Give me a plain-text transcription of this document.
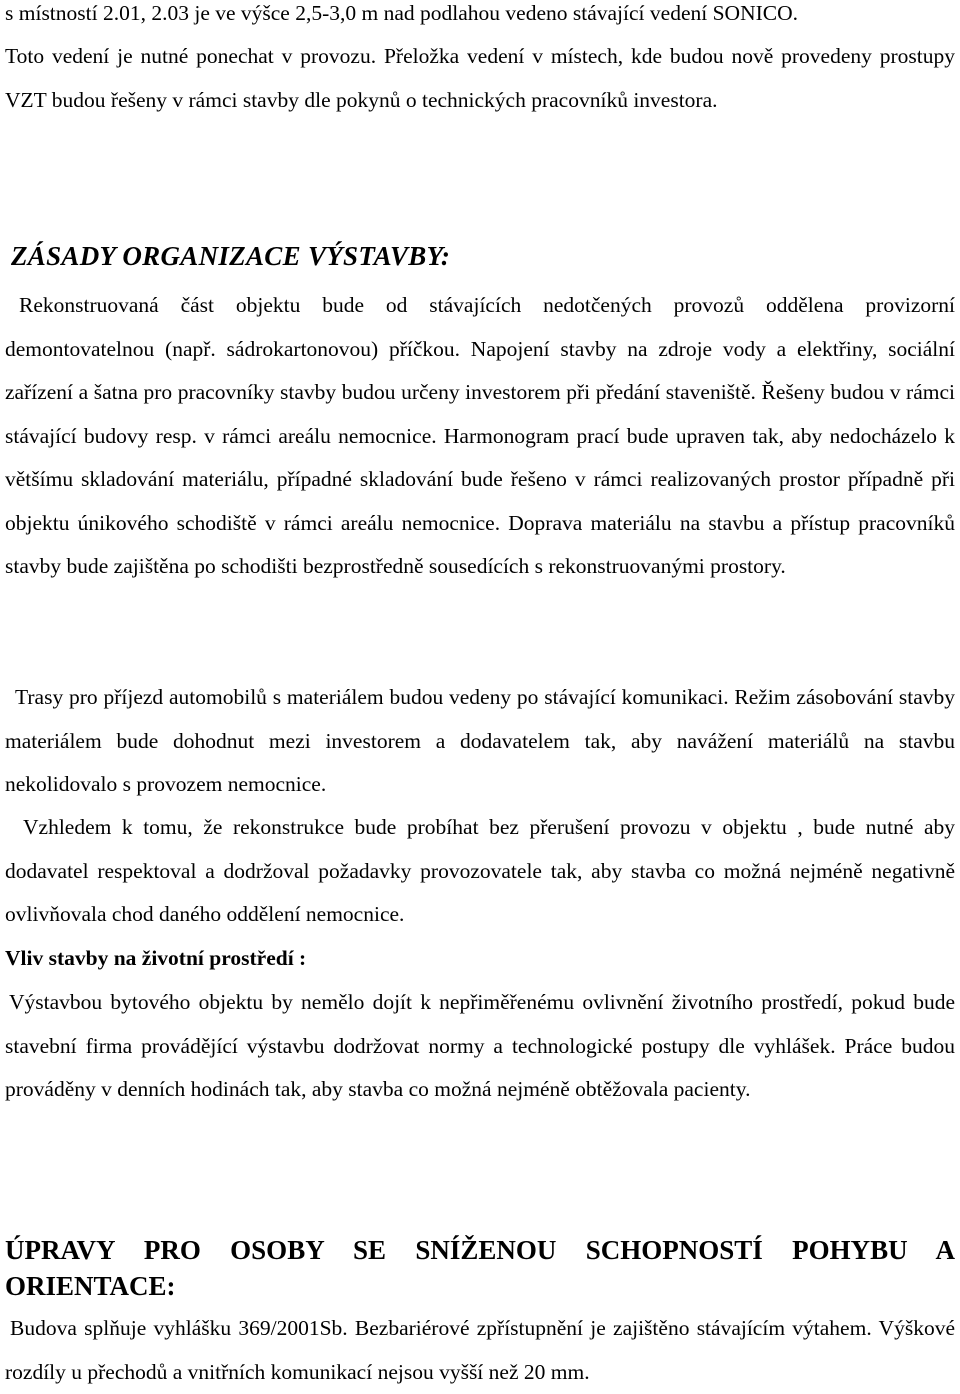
s místností 2.01, 2.03 je ve výšce 2,5-3,0 m nad podlahou vedeno stávající vedení SONICO.

Toto vedení je nutné ponechat v provozu. Přeložka vedení v místech, kde budou nově provedeny prostupy VZT budou řešeny v rámci stavby dle pokynů o technických pracovníků investora.

ZÁSADY ORGANIZACE VÝSTAVBY:

Rekonstruovaná část objektu bude od stávajících nedotčených provozů oddělena provizorní demontovatelnou (např. sádrokartonovou) příčkou. Napojení stavby na zdroje vody a elektřiny, sociální zařízení a šatna pro pracovníky stavby budou určeny investorem při předání staveniště. Řešeny budou v rámci stávající budovy resp. v rámci areálu nemocnice. Harmonogram prací bude upraven tak, aby nedocházelo k většímu skladování materiálu, případné skladování bude řešeno v rámci realizovaných prostor případně při objektu únikového schodiště v rámci areálu nemocnice. Doprava materiálu na stavbu a přístup pracovníků stavby bude zajištěna po schodišti bezprostředně sousedících s rekonstruovanými prostory.

Trasy pro příjezd automobilů s materiálem budou vedeny po stávající komunikaci. Režim zásobování stavby materiálem bude dohodnut mezi investorem a dodavatelem tak, aby navážení materiálů na stavbu nekolidovalo s provozem nemocnice.

Vzhledem k tomu, že rekonstrukce bude probíhat bez přerušení provozu v objektu , bude nutné aby dodavatel respektoval a dodržoval požadavky provozovatele tak, aby stavba co možná nejméně negativně ovlivňovala chod daného oddělení nemocnice.

Vliv stavby na životní prostředí :

Výstavbou bytového objektu by nemělo dojít k nepřiměřenému ovlivnění životního prostředí, pokud bude stavební firma provádějící výstavbu dodržovat normy a technologické postupy dle vyhlášek. Práce budou prováděny v denních hodinách tak, aby stavba co možná nejméně obtěžovala pacienty.

ÚPRAVY PRO OSOBY SE SNÍŽENOU SCHOPNOSTÍ POHYBU A ORIENTACE:

Budova splňuje vyhlášku 369/2001Sb. Bezbariérové zpřístupnění je zajištěno stávajícím výtahem. Výškové rozdíly u přechodů a vnitřních komunikací nejsou vyšší než 20 mm.
